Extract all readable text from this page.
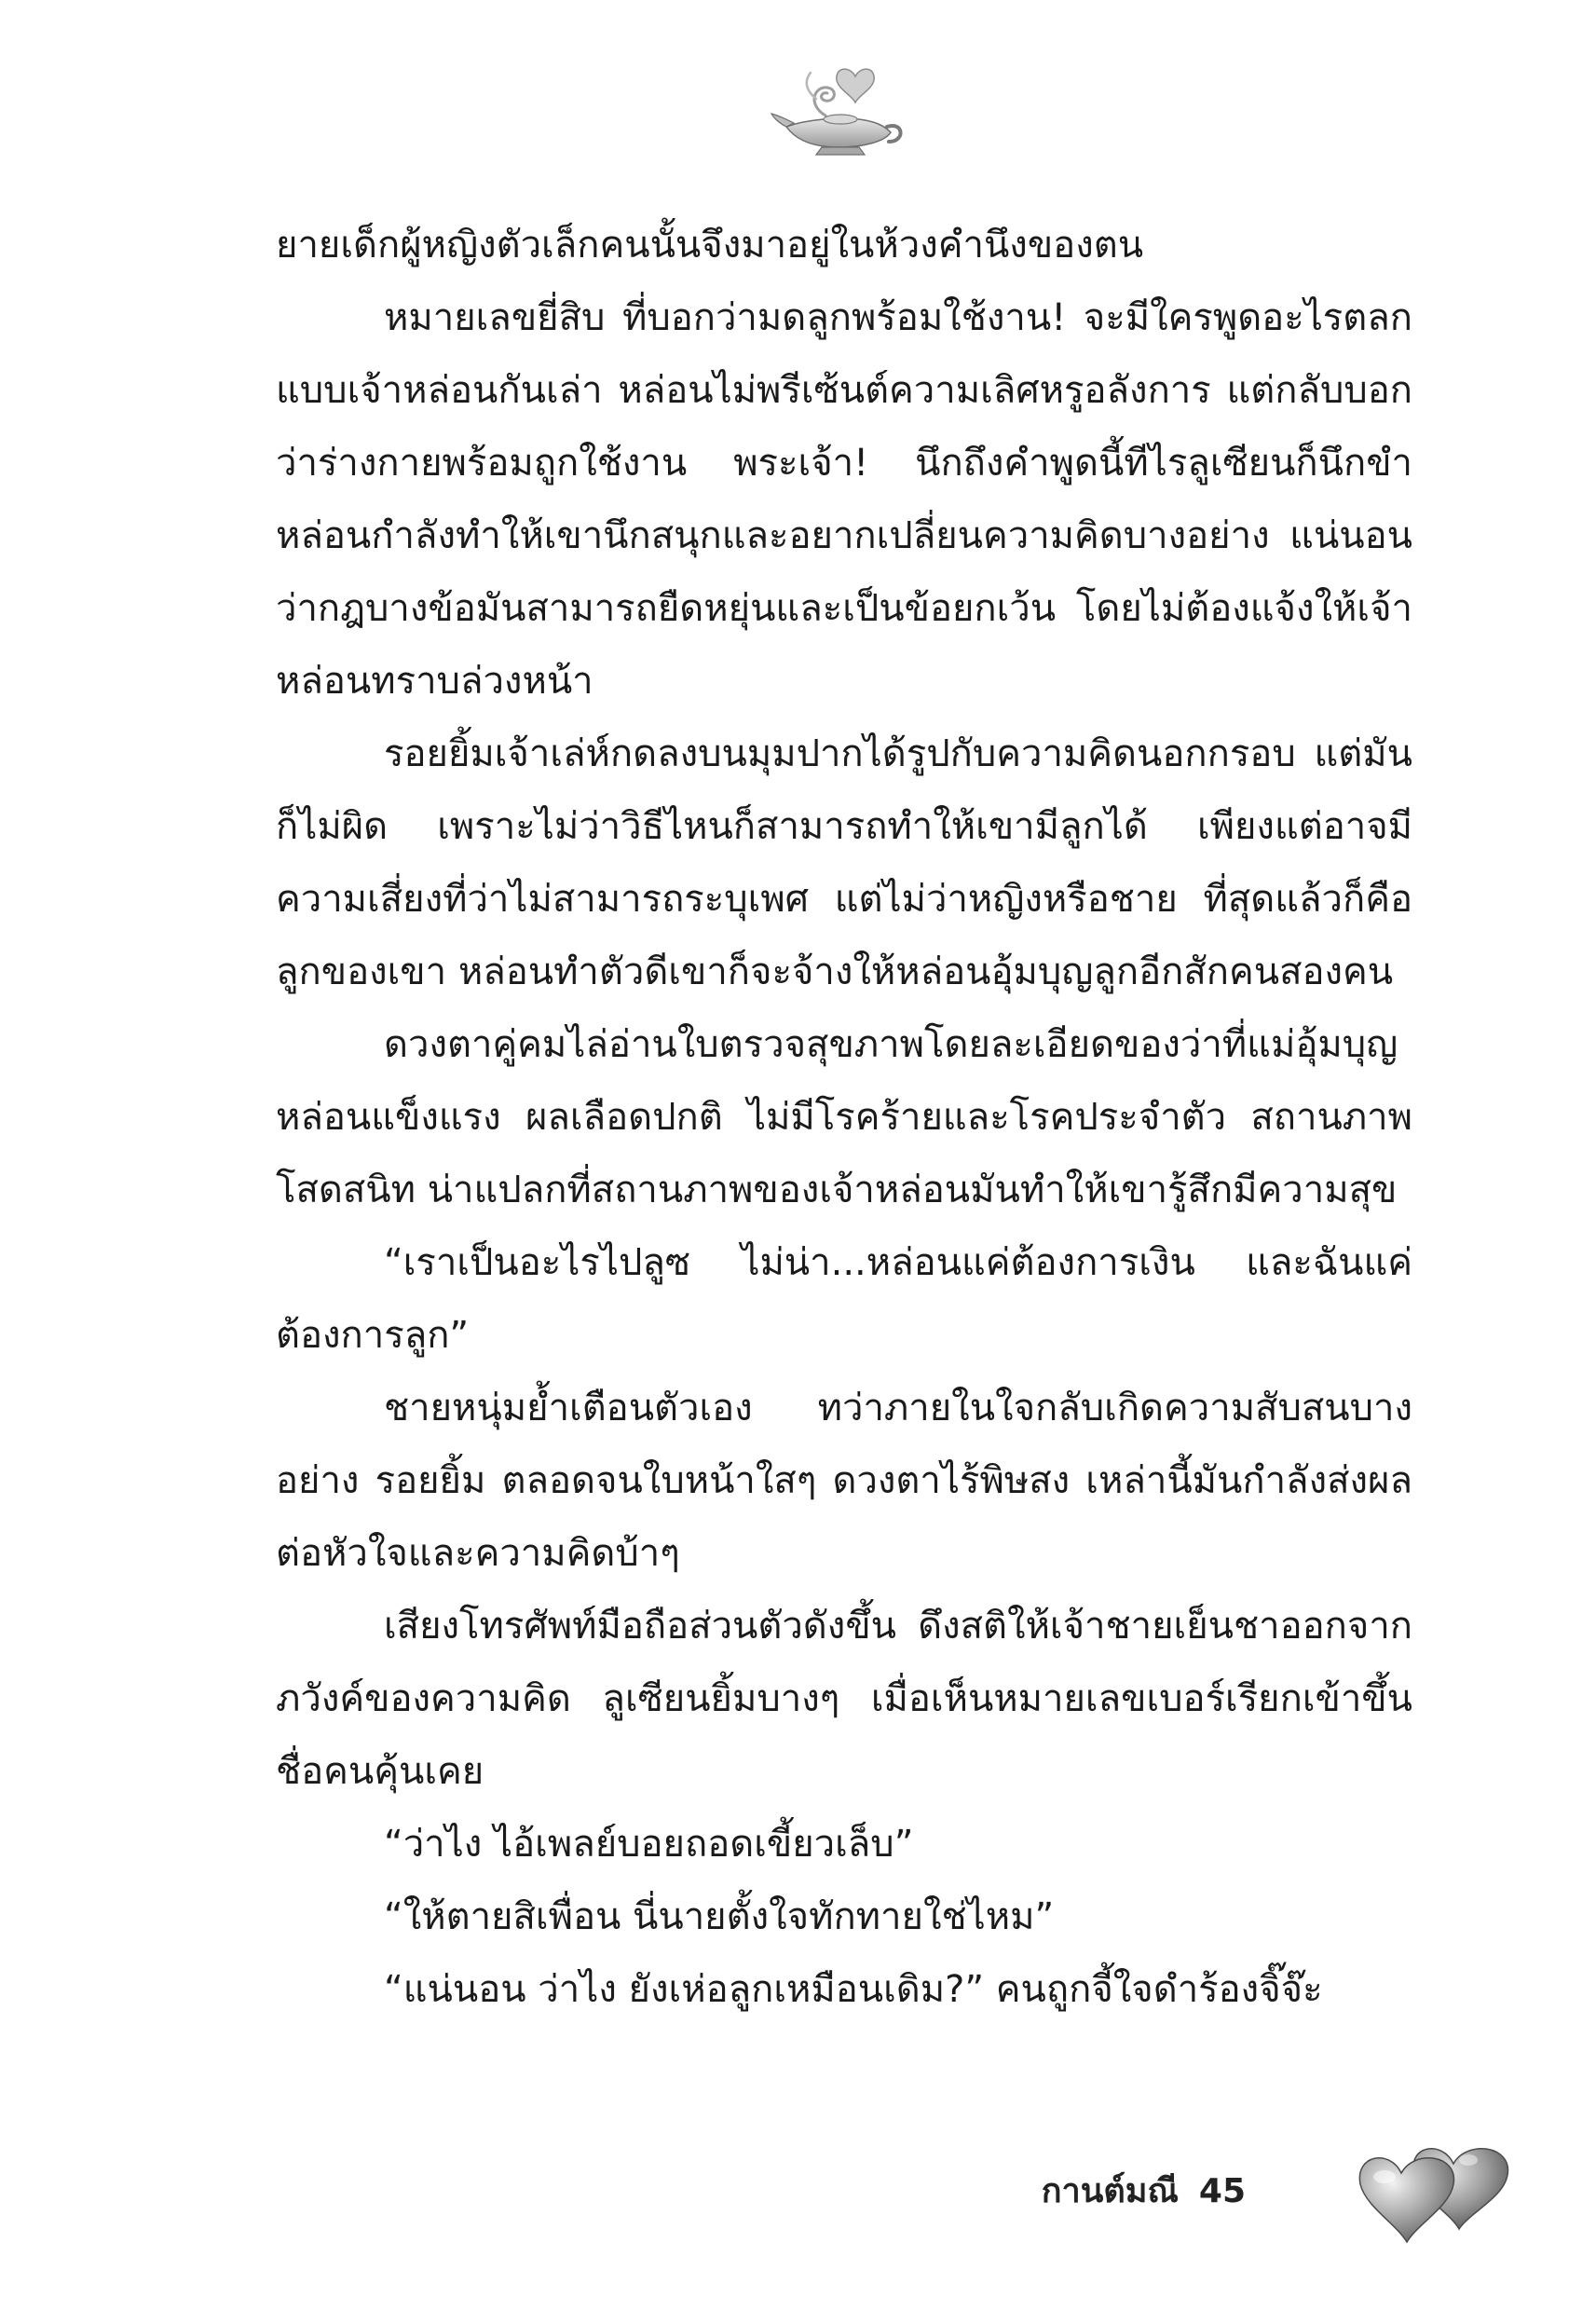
ยายเด็กผู้หญิงตัวเล็กคนนั้นจึงมาอยู่ในห้วงคำนึงของตน

หมายเลขยี่สิบ ที่บอกว่ามดลูกพร้อมใช้งาน! จะมีใครพูดอะไรตลกแบบเจ้าหล่อนกันเล่า หล่อนไม่พรีเซ้นต์ความเลิศหรูอลังการ แต่กลับบอกว่าร่างกายพร้อมถูกใช้งาน พระเจ้า! นึกถึงคำพูดนี้ทีไรลูเซียนก็นึกขำ หล่อนกำลังทำให้เขานึกสนุกและอยากเปลี่ยนความคิดบางอย่าง แน่นอนว่ากฎบางข้อมันสามารถยืดหยุ่นและเป็นข้อยกเว้น โดยไม่ต้องแจ้งให้เจ้าหล่อนทราบล่วงหน้า

รอยยิ้มเจ้าเล่ห์กดลงบนมุมปากได้รูปกับความคิดนอกกรอบ แต่มันก็ไม่ผิด เพราะไม่ว่าวิธีไหนก็สามารถทำให้เขามีลูกได้ เพียงแต่อาจมีความเสี่ยงที่ว่าไม่สามารถระบุเพศ แต่ไม่ว่าหญิงหรือชาย ที่สุดแล้วก็คือลูกของเขา หล่อนทำตัวดีเขาก็จะจ้างให้หล่อนอุ้มบุญลูกอีกสักคนสองคน

ดวงตาคู่คมไล่อ่านใบตรวจสุขภาพโดยละเอียดของว่าที่แม่อุ้มบุญ หล่อนแข็งแรง ผลเลือดปกติ ไม่มีโรคร้ายและโรคประจำตัว สถานภาพโสดสนิท น่าแปลกที่สถานภาพของเจ้าหล่อนมันทำให้เขารู้สึกมีความสุข

“เราเป็นอะไรไปลูซ ไม่น่า...หล่อนแค่ต้องการเงิน และฉันแค่ต้องการลูก”

ชายหนุ่มย้ำเตือนตัวเอง ทว่าภายในใจกลับเกิดความสับสนบางอย่าง รอยยิ้ม ตลอดจนใบหน้าใสๆ ดวงตาไร้พิษสง เหล่านี้มันกำลังส่งผลต่อหัวใจและความคิดบ้าๆ

เสียงโทรศัพท์มือถือส่วนตัวดังขึ้น ดึงสติให้เจ้าชายเย็นชาออกจากภวังค์ของความคิด ลูเซียนยิ้มบางๆ เมื่อเห็นหมายเลขเบอร์เรียกเข้าขึ้นชื่อคนคุ้นเคย

“ว่าไง ไอ้เพลย์บอยถอดเขี้ยวเล็บ”

“ให้ตายสิเพื่อน นี่นายตั้งใจทักทายใช่ไหม”

“แน่นอน ว่าไง ยังเห่อลูกเหมือนเดิม?” คนถูกจี้ใจดำร้องจิ๊จ๊ะ

กานต์มณี 45
